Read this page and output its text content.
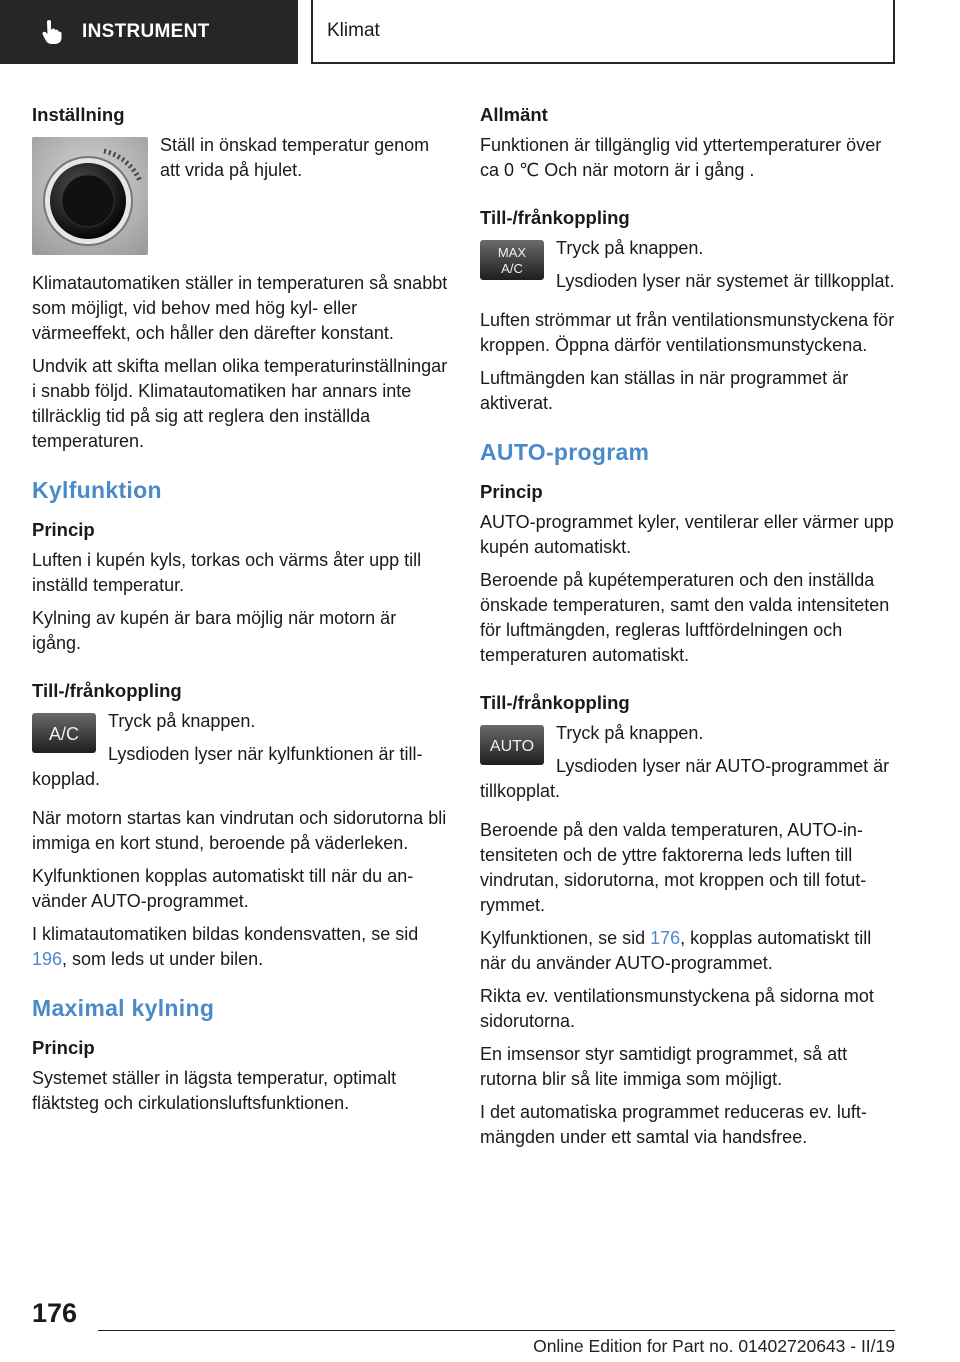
INSTRUMENT	Klimat
Inställning

Ställ in önskad temperatur genom att vrida på hjulet.

Klimatautomatiken ställer in temperaturen så snabbt som möjligt, vid behov med hög kyl- eller värmeeffekt, och håller den därefter konstant.

Undvik att skifta mellan olika temperaturinställningar i snabb följd. Klimatautomatiken har annars inte tillräcklig tid på sig att reglera den inställda temperaturen.

Kylfunktion
Princip

Luften i kupén kyls, torkas och värms åter upp till inställd temperatur.

Kylning av kupén är bara möjlig när motorn är igång.

Till-/frånkoppling
A/C

Tryck på knappen.

Lysdioden lyser när kylfunktionen är tillkopplad.

När motorn startas kan vindrutan och sidorutorna bli immiga en kort stund, beroende på väderleken.

Kylfunktionen kopplas automatiskt till när du använder AUTO-programmet.

I klimatautomatiken bildas kondensvatten, se sid 196, som leds ut under bilen.

Maximal kylning
Princip

Systemet ställer in lägsta temperatur, optimalt fläktsteg och cirkulationsluftsfunktionen.

Allmänt

Funktionen är tillgänglig vid yttertemperaturer över ca 0 ℃ Och när motorn är i gång .

Till-/frånkoppling
MAX
A/C

Tryck på knappen.

Lysdioden lyser när systemet är tillkopplat.

Luften strömmar ut från ventilationsmunstyckena för kroppen. Öppna därför ventilationsmunstyckena.

Luftmängden kan ställas in när programmet är aktiverat.

AUTO-program
Princip

AUTO-programmet kyler, ventilerar eller värmer upp kupén automatiskt.

Beroende på kupétemperaturen och den inställda önskade temperaturen, samt den valda intensiteten för luftmängden, regleras luftfördelningen och temperaturen automatiskt.

Till-/frånkoppling
AUTO

Tryck på knappen.

Lysdioden lyser när AUTO-programmet är tillkopplat.

Beroende på den valda temperaturen, AUTO-intensiteten och de yttre faktorerna leds luften till vindrutan, sidorutorna, mot kroppen och till fotutrymmet.

Kylfunktionen, se sid 176, kopplas automatiskt till när du använder AUTO-programmet.

Rikta ev. ventilationsmunstyckena på sidorna mot sidorutorna.

En imsensor styr samtidigt programmet, så att rutorna blir så lite immiga som möjligt.

I det automatiska programmet reduceras ev. luftmängden under ett samtal via handsfree.

176
Online Edition for Part no. 01402720643 - II/19
